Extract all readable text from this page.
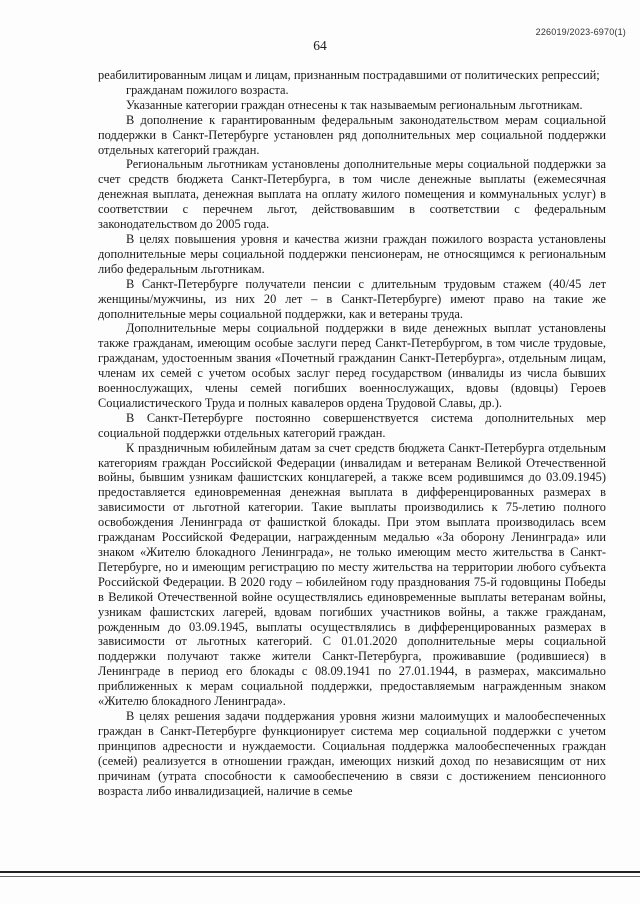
226019/2023-6970(1)
64

реабилитированным лицам и лицам, признанным пострадавшими от политических репрессий;

гражданам пожилого возраста.

Указанные категории граждан отнесены к так называемым региональным льготникам.

В дополнение к гарантированным федеральным законодательством мерам социальной поддержки в Санкт-Петербурге установлен ряд дополнительных мер социальной поддержки отдельных категорий граждан.

Региональным льготникам установлены дополнительные меры социальной поддержки за счет средств бюджета Санкт-Петербурга, в том числе денежные выплаты (ежемесячная денежная выплата, денежная выплата на оплату жилого помещения и коммунальных услуг) в соответствии с перечнем льгот, действовавшим в соответствии с федеральным законодательством до 2005 года.

В целях повышения уровня и качества жизни граждан пожилого возраста установлены дополнительные меры социальной поддержки пенсионерам, не относящимся к региональным либо федеральным льготникам.

В Санкт-Петербурге получатели пенсии с длительным трудовым стажем (40/45 лет женщины/мужчины, из них 20 лет – в Санкт-Петербурге) имеют право на такие же дополнительные меры социальной поддержки, как и ветераны труда.

Дополнительные меры социальной поддержки в виде денежных выплат установлены также гражданам, имеющим особые заслуги перед Санкт-Петербургом, в том числе трудовые, гражданам, удостоенным звания «Почетный гражданин Санкт-Петербурга», отдельным лицам, членам их семей с учетом особых заслуг перед государством (инвалиды из числа бывших военнослужащих, члены семей погибших военнослужащих, вдовы (вдовцы) Героев Социалистического Труда и полных кавалеров ордена Трудовой Славы, др.).

В Санкт-Петербурге постоянно совершенствуется система дополнительных мер социальной поддержки отдельных категорий граждан.

К праздничным юбилейным датам за счет средств бюджета Санкт-Петербурга отдельным категориям граждан Российской Федерации (инвалидам и ветеранам Великой Отечественной войны, бывшим узникам фашистских концлагерей, а также всем родившимся до 03.09.1945) предоставляется единовременная денежная выплата в дифференцированных размерах в зависимости от льготной категории. Такие выплаты производились к 75-летию полного освобождения Ленинграда от фашисткой блокады. При этом выплата производилась всем гражданам Российской Федерации, награжденным медалью «За оборону Ленинграда» или знаком «Жителю блокадного Ленинграда», не только имеющим место жительства в Санкт-Петербурге, но и имеющим регистрацию по месту жительства на территории любого субъекта Российской Федерации. В 2020 году – юбилейном году празднования 75-й годовщины Победы в Великой Отечественной войне осуществлялись единовременные выплаты ветеранам войны, узникам фашистских лагерей, вдовам погибших участников войны, а также гражданам, рожденным до 03.09.1945, выплаты осуществлялись в дифференцированных размерах в зависимости от льготных категорий. С 01.01.2020 дополнительные меры социальной поддержки получают также жители Санкт-Петербурга, проживавшие (родившиеся) в Ленинграде в период его блокады с 08.09.1941 по 27.01.1944, в размерах, максимально приближенных к мерам социальной поддержки, предоставляемым награжденным знаком «Жителю блокадного Ленинграда».

В целях решения задачи поддержания уровня жизни малоимущих и малообеспеченных граждан в Санкт-Петербурге функционирует система мер социальной поддержки с учетом принципов адресности и нуждаемости. Социальная поддержка малообеспеченных граждан (семей) реализуется в отношении граждан, имеющих низкий доход по независящим от них причинам (утрата способности к самообеспечению в связи с достижением пенсионного возраста либо инвалидизацией, наличие в семье
